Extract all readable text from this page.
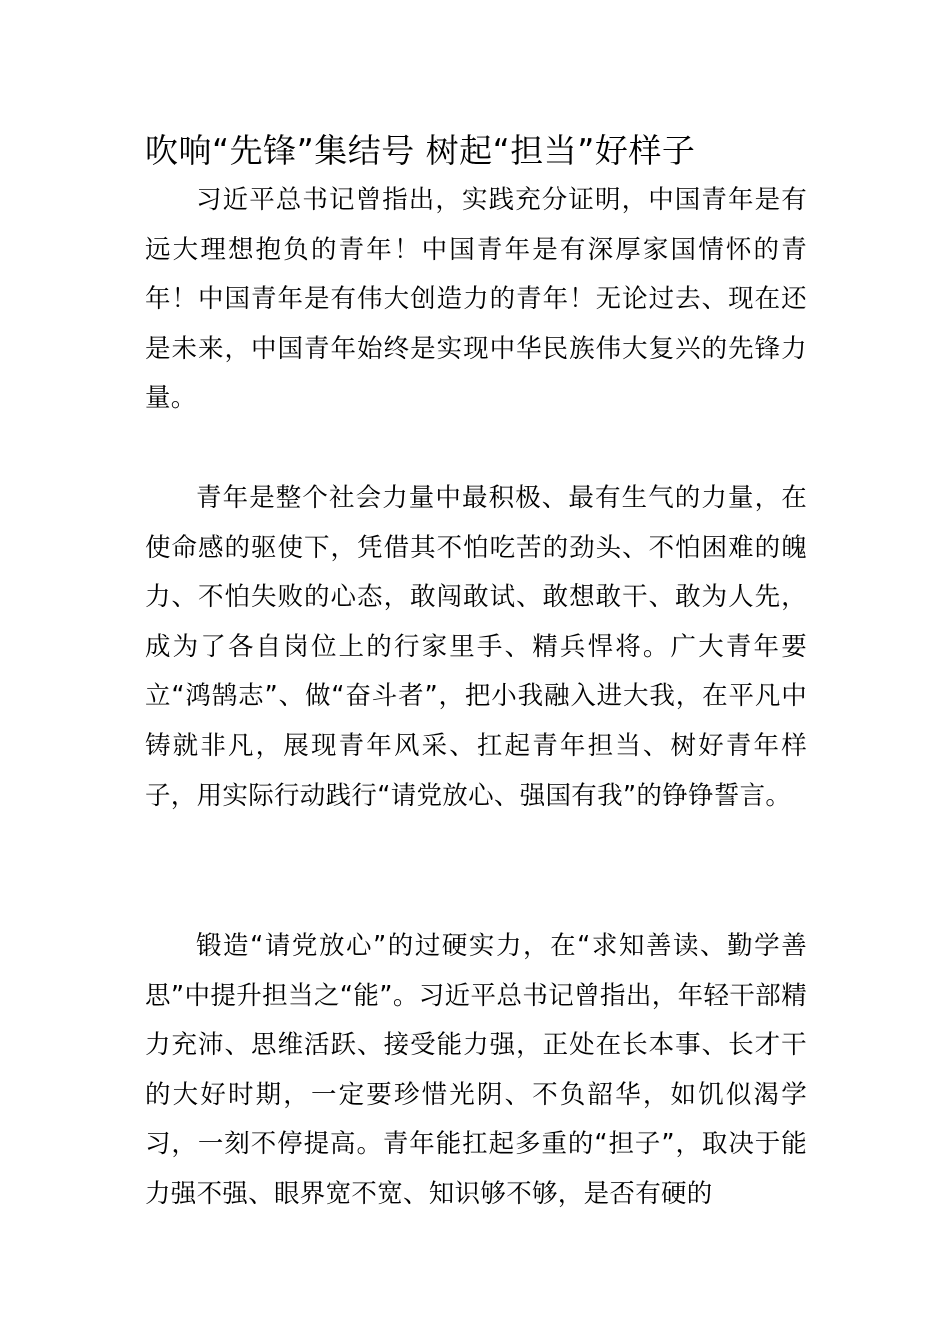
吹响“先锋”集结号 树起“担当”好样子

习近平总书记曾指出，实践充分证明，中国青年是有远大理想抱负的青年！中国青年是有深厚家国情怀的青年！中国青年是有伟大创造力的青年！无论过去、现在还是未来，中国青年始终是实现中华民族伟大复兴的先锋力量。

青年是整个社会力量中最积极、最有生气的力量，在使命感的驱使下，凭借其不怕吃苦的劲头、不怕困难的魄力、不怕失败的心态，敢闯敢试、敢想敢干、敢为人先，成为了各自岗位上的行家里手、精兵悍将。广大青年要立“鸿鹄志”、做“奋斗者”，把小我融入进大我，在平凡中铸就非凡，展现青年风采、扛起青年担当、树好青年样子，用实际行动践行“请党放心、强国有我”的铮铮誓言。

锻造“请党放心”的过硬实力，在“求知善读、勤学善思”中提升担当之“能”。习近平总书记曾指出，年轻干部精力充沛、思维活跃、接受能力强，正处在长本事、长才干的大好时期，一定要珍惜光阴、不负韶华，如饥似渴学习，一刻不停提高。青年能扛起多重的“担子”，取决于能力强不强、眼界宽不宽、知识够不够，是否有硬的
